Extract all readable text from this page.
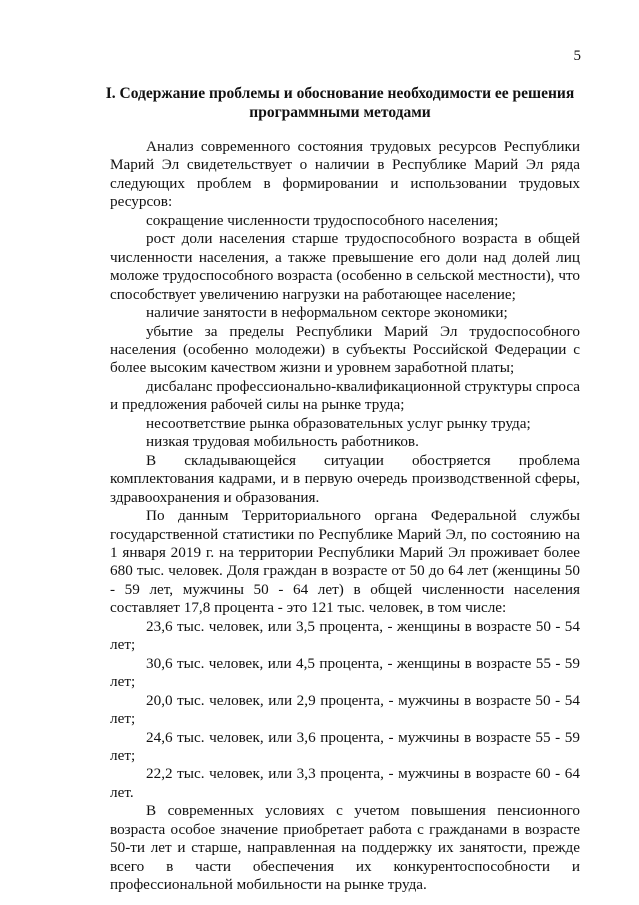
5
I. Содержание проблемы и обоснование необходимости ее решения программными методами

Анализ современного состояния трудовых ресурсов Республики Марий Эл свидетельствует о наличии в Республике Марий Эл ряда следующих проблем в формировании и использовании трудовых ресурсов:

сокращение численности трудоспособного населения;

рост доли населения старше трудоспособного возраста в общей численности населения, а также превышение его доли над долей лиц моложе трудоспособного возраста (особенно в сельской местности), что способствует увеличению нагрузки на работающее население;

наличие занятости в неформальном секторе экономики;

убытие за пределы Республики Марий Эл трудоспособного населения (особенно молодежи) в субъекты Российской Федерации с более высоким качеством жизни и уровнем заработной платы;

дисбаланс профессионально-квалификационной структуры спроса и предложения рабочей силы на рынке труда;

несоответствие рынка образовательных услуг рынку труда;

низкая трудовая мобильность работников.

В складывающейся ситуации обостряется проблема комплектования кадрами, и в первую очередь производственной сферы, здравоохранения и образования.

По данным Территориального органа Федеральной службы государственной статистики по Республике Марий Эл, по состоянию на 1 января 2019 г. на территории Республики Марий Эл проживает более 680 тыс. человек. Доля граждан в возрасте от 50 до 64 лет (женщины 50 - 59 лет, мужчины 50 - 64 лет) в общей численности населения составляет 17,8 процента - это 121 тыс. человек, в том числе:

23,6 тыс. человек, или 3,5 процента, - женщины в возрасте 50 - 54 лет;

30,6 тыс. человек, или 4,5 процента, - женщины в возрасте 55 - 59 лет;

20,0 тыс. человек, или 2,9 процента, - мужчины в возрасте 50 - 54 лет;

24,6 тыс. человек, или 3,6 процента, - мужчины в возрасте 55 - 59 лет;

22,2 тыс. человек, или 3,3 процента, - мужчины в возрасте 60 - 64 лет.

В современных условиях с учетом повышения пенсионного возраста особое значение приобретает работа с гражданами в возрасте 50-ти лет и старше, направленная на поддержку их занятости, прежде всего в части обеспечения их конкурентоспособности и профессиональной мобильности на рынке труда.
